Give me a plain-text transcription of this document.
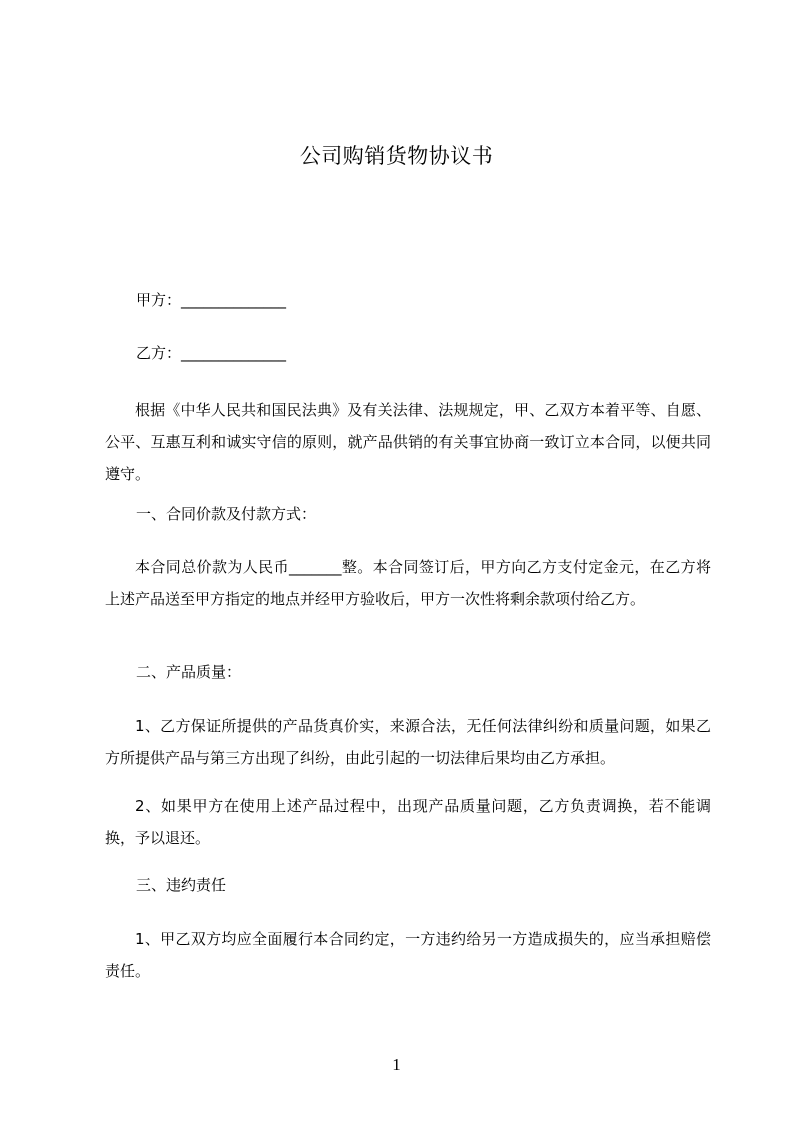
公司购销货物协议书
甲方：______________
乙方：______________
根据《中华人民共和国民法典》及有关法律、法规规定，甲、乙双方本着平等、自愿、公平、互惠互利和诚实守信的原则，就产品供销的有关事宜协商一致订立本合同，以便共同遵守。
一、合同价款及付款方式：
本合同总价款为人民币_______整。本合同签订后，甲方向乙方支付定金元，在乙方将上述产品送至甲方指定的地点并经甲方验收后，甲方一次性将剩余款项付给乙方。
二、产品质量：
1、乙方保证所提供的产品货真价实，来源合法，无任何法律纠纷和质量问题，如果乙方所提供产品与第三方出现了纠纷，由此引起的一切法律后果均由乙方承担。
2、如果甲方在使用上述产品过程中，出现产品质量问题，乙方负责调换，若不能调换，予以退还。
三、违约责任
1、甲乙双方均应全面履行本合同约定，一方违约给另一方造成损失的，应当承担赔偿责任。
1
